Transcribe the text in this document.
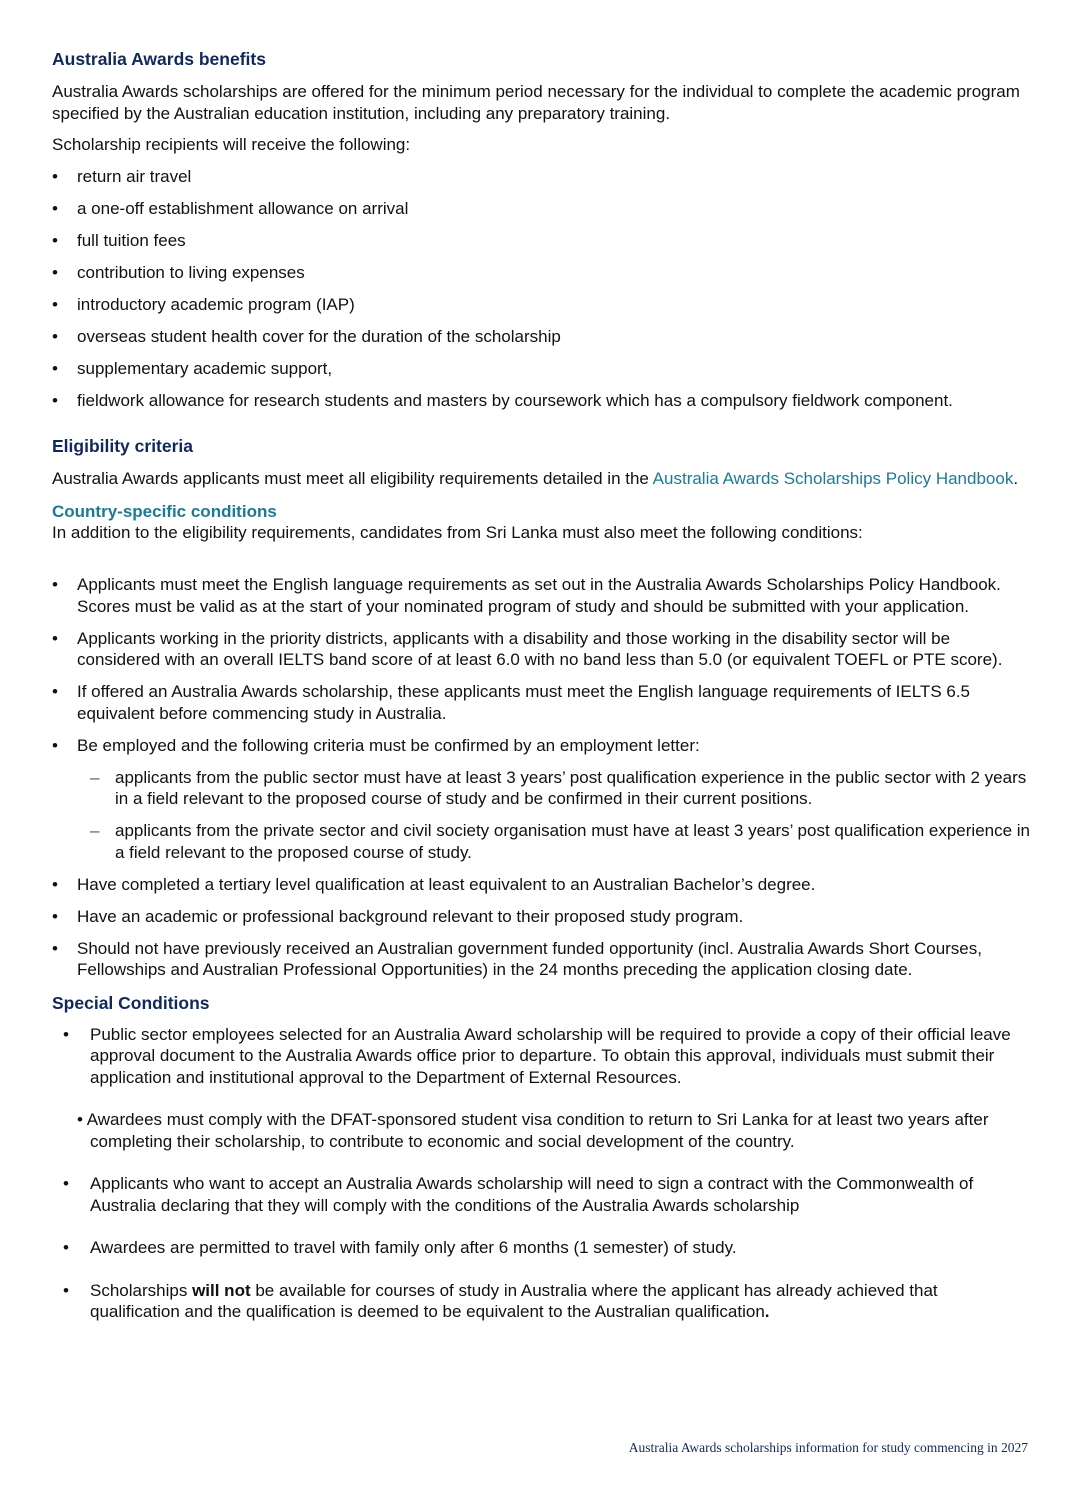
Australia Awards benefits

Australia Awards scholarships are offered for the minimum period necessary for the individual to complete the academic program specified by the Australian education institution, including any preparatory training.

Scholarship recipients will receive the following:

• return air travel
• a one-off establishment allowance on arrival
• full tuition fees
• contribution to living expenses
• introductory academic program (IAP)
• overseas student health cover for the duration of the scholarship
• supplementary academic support,
• fieldwork allowance for research students and masters by coursework which has a compulsory fieldwork component.
Eligibility criteria

Australia Awards applicants must meet all eligibility requirements detailed in the Australia Awards Scholarships Policy Handbook.

Country-specific conditions

In addition to the eligibility requirements, candidates from Sri Lanka must also meet the following conditions:

• Applicants must meet the English language requirements as set out in the Australia Awards Scholarships Policy Handbook. Scores must be valid as at the start of your nominated program of study and should be submitted with your application.
• Applicants working in the priority districts, applicants with a disability and those working in the disability sector will be considered with an overall IELTS band score of at least 6.0 with no band less than 5.0 (or equivalent TOEFL or PTE score).
• If offered an Australia Awards scholarship, these applicants must meet the English language requirements of IELTS 6.5 equivalent before commencing study in Australia.
• Be employed and the following criteria must be confirmed by an employment letter:
– applicants from the public sector must have at least 3 years’ post qualification experience in the public sector with 2 years in a field relevant to the proposed course of study and be confirmed in their current positions.
– applicants from the private sector and civil society organisation must have at least 3 years’ post qualification experience in a field relevant to the proposed course of study.
• Have completed a tertiary level qualification at least equivalent to an Australian Bachelor’s degree.
• Have an academic or professional background relevant to their proposed study program.
• Should not have previously received an Australian government funded opportunity (incl. Australia Awards Short Courses, Fellowships and Australian Professional Opportunities) in the 24 months preceding the application closing date.
Special Conditions
• Public sector employees selected for an Australia Award scholarship will be required to provide a copy of their official leave approval document to the Australia Awards office prior to departure. To obtain this approval, individuals must submit their application and institutional approval to the Department of External Resources.
• Awardees must comply with the DFAT-sponsored student visa condition to return to Sri Lanka for at least two years after completing their scholarship, to contribute to economic and social development of the country.
• Applicants who want to accept an Australia Awards scholarship will need to sign a contract with the Commonwealth of Australia declaring that they will comply with the conditions of the Australia Awards scholarship
• Awardees are permitted to travel with family only after 6 months (1 semester) of study.
• Scholarships will not be available for courses of study in Australia where the applicant has already achieved that qualification and the qualification is deemed to be equivalent to the Australian qualification.
Australia Awards scholarships information for study commencing in 2027
